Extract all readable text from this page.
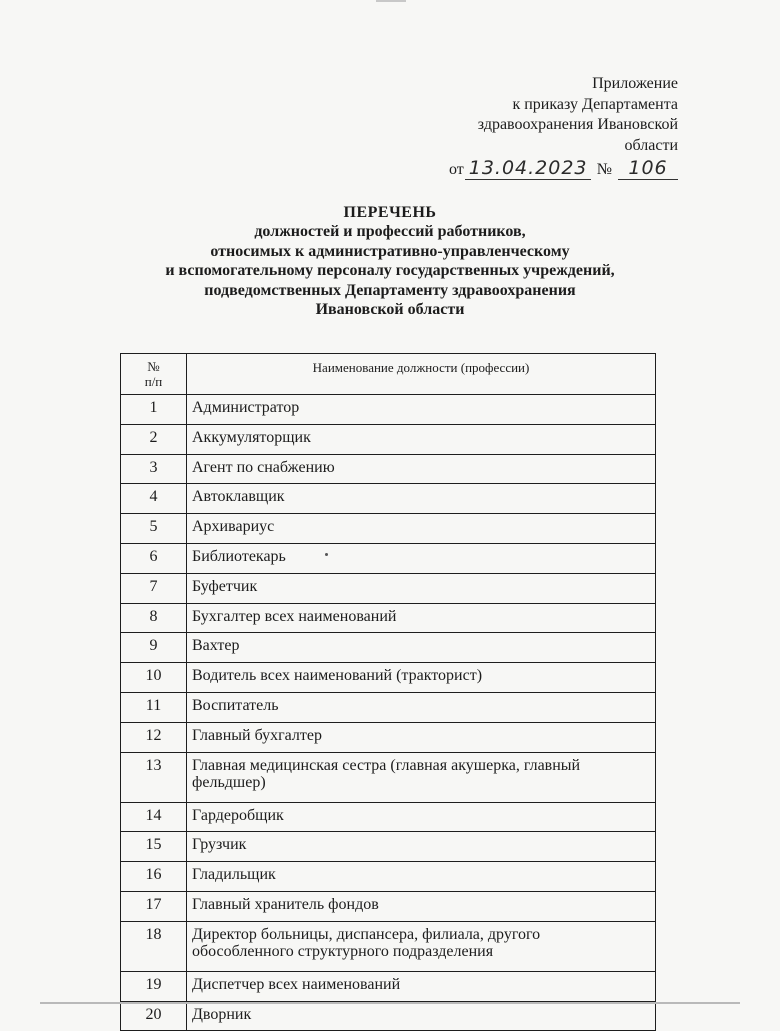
Приложение
к приказу Департамента
здравоохранения Ивановской
области
от 13.04.2023 № 106
ПЕРЕЧЕНЬ
должностей и профессий работников,
относимых к административно-управленческому
и вспомогательному персоналу государственных учреждений,
подведомственных Департаменту здравоохранения
Ивановской области
№
п/п	Наименование должности (профессии)
1	Администратор
2	Аккумуляторщик
3	Агент по снабжению
4	Автоклавщик
5	Архивариус
6	Библиотекарь
7	Буфетчик
8	Бухгалтер всех наименований
9	Вахтер
10	Водитель всех наименований (тракторист)
11	Воспитатель
12	Главный бухгалтер
13	Главная медицинская сестра (главная акушерка, главный
фельдшер)

14	Гардеробщик
15	Грузчик
16	Гладильщик
17	Главный хранитель фондов
18	Директор больницы, диспансера, филиала, другого
обособленного структурного подразделения

19	Диспетчер всех наименований
20	Дворник
